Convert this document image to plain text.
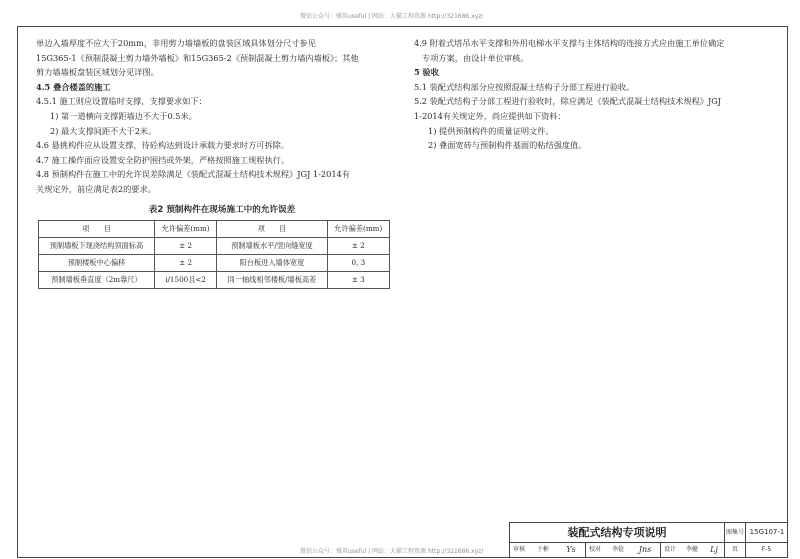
微信公众号：雅筑useful | 网站：大猫工程资源 http://321686.xyz/

单边入墙厚度不应大于20mm，非用剪力墙墙板的盘装区域具体划分尺寸参见

15G365-1《预制混凝土剪力墙外墙板》和15G365-2《预制混凝土剪力墙内墙板》；其他

剪力墙墙板盘装区域划分见详图。

4.5 叠合楼盖的施工

4.5.1 施工则应设置临时支撑，支撑要求如下：

1) 第一道横向支撑距墙边不大于0.5米。

2) 最大支撑间距不大于2米。

4.6 悬挑构件应从设置支撑，待砼构达到设计承载力要求时方可拆除。

4.7 施工操作面应设置安全防护围挡或外架，严格按照施工规程执行。

4.8 预制构件在施工中的允许误差除满足《装配式混凝土结构技术规程》JGJ 1-2014有

关规定外，前应满足表2的要求。

表2 预制构件在现场施工中的允许误差
项　　目	允许偏差(mm)	项　　目	允许偏差(mm)
预制墙板下现浇结构顶面标高	± 2	预制墙板水平/竖向缝宽度	± 2
预制楼板中心偏移	± 2	阳台板进入墙体宽度	0, 3
预制墙板垂直度（2m靠尺）	i/1500且<2	同一轴线相邻楼板/墙板高差	± 3

4.9 附着式塔吊水平支撑和外用电梯水平支撑与主体结构的连接方式应由施工单位确定

专项方案，由设计单位审核。

5 验收

5.1 装配式结构部分应按照混凝土结构子分部工程进行验收。

5.2 装配式结构子分部工程进行验收时，除应满足《装配式混凝土结构技术规程》JGJ

1-2014有关规定外，尚应提供如下资料：

1) 提供预制构件的质量证明文件。

2) 叠面宽砖与预制构件基面的粘结强度值。

装配式结构专项说明	图集号 15G107-1
审核	于彬	Ys	校对	李俭	Jns	设计	李健	Lj	页	F-5
微信公众号：雅筑useful | 网站：大猫工程资源 http://321686.xyz/
